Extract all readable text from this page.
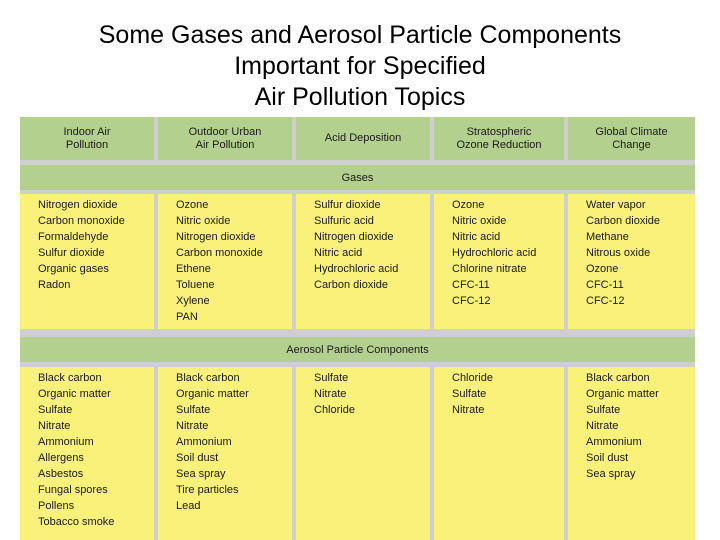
Some Gases and Aerosol Particle Components
Important for Specified
Air Pollution Topics
Indoor Air
Pollution
Outdoor Urban
Air Pollution
Acid Deposition
Stratospheric
Ozone Reduction
Global Climate
Change
Gases
Nitrogen dioxide
Carbon monoxide
Formaldehyde
Sulfur dioxide
Organic gases
Radon
Ozone
Nitric oxide
Nitrogen dioxide
Carbon monoxide
Ethene
Toluene
Xylene
PAN
Sulfur dioxide
Sulfuric acid
Nitrogen dioxide
Nitric acid
Hydrochloric acid
Carbon dioxide
Ozone
Nitric oxide
Nitric acid
Hydrochloric acid
Chlorine nitrate
CFC-11
CFC-12
Water vapor
Carbon dioxide
Methane
Nitrous oxide
Ozone
CFC-11
CFC-12
Aerosol Particle Components
Black carbon
Organic matter
Sulfate
Nitrate
Ammonium
Allergens
Asbestos
Fungal spores
Pollens
Tobacco smoke
Black carbon
Organic matter
Sulfate
Nitrate
Ammonium
Soil dust
Sea spray
Tire particles
Lead
Sulfate
Nitrate
Chloride
Chloride
Sulfate
Nitrate
Black carbon
Organic matter
Sulfate
Nitrate
Ammonium
Soil dust
Sea spray
